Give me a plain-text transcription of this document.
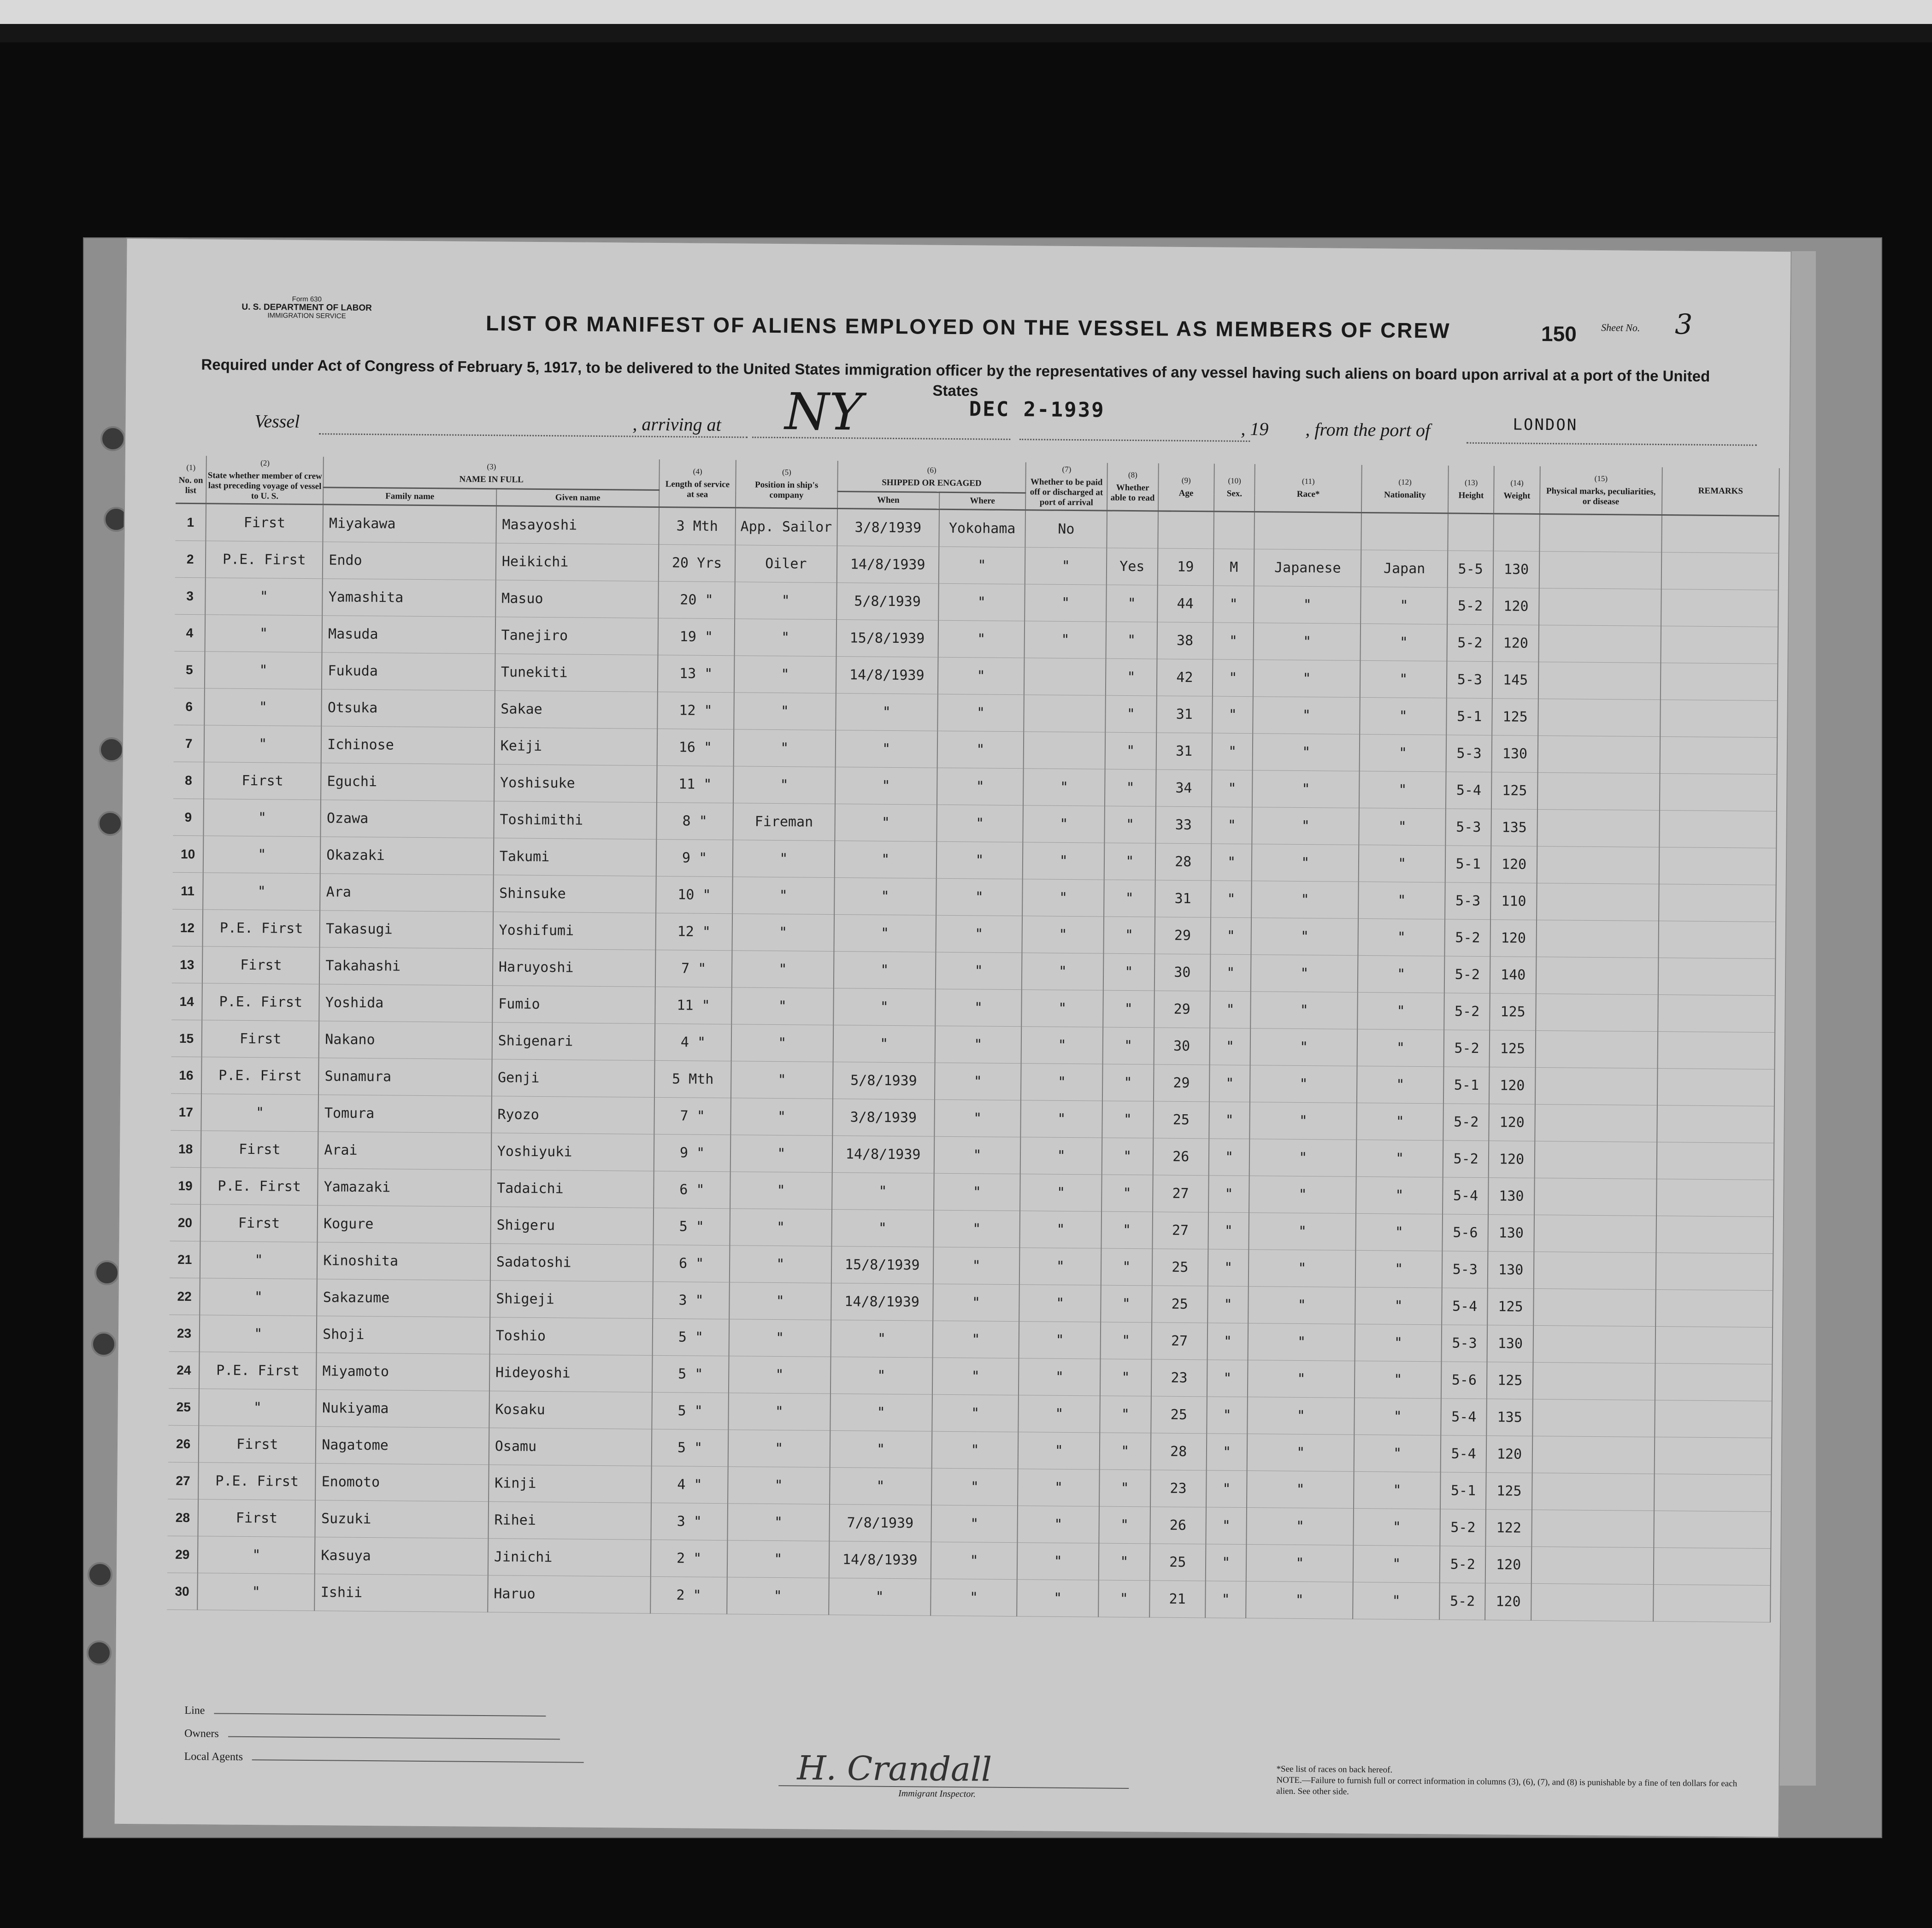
Form 630
U. S. DEPARTMENT OF LABOR
IMMIGRATION SERVICE	LIST OR MANIFEST OF ALIENS EMPLOYED ON THE VESSEL AS MEMBERS OF CREW	150 Sheet No. 3
Required under Act of Congress of February 5, 1917, to be delivered to the United States immigration officer by the representatives of any vessel having such aliens on board upon arrival at a port of the United States
Vessel	, arriving at NY	DEC 2-1939
, 19 , from the port of	LONDON
(1)
No. on list	(2)
State whether member of crew last preceding voyage of vessel to U. S.	(3)
NAME IN FULL		(4)
Length of service at sea	(5)
Position in ship's company	(6)
SHIPPED OR ENGAGED		(7)
Whether to be paid off or discharged at port of arrival	(8)
Whether able to read	(9)
Age	(10)
Sex.	(11)
Race*	(12)
Nationality	(13)
Height	(14)
Weight	(15)
Physical marks, peculiarities, or disease	REMARKS
		Family name	Given name			When	Where										
1	First	Miyakawa	Masayoshi	3 Mth	App. Sailor	3/8/1939	Yokohama	No									
2	P.E. First	Endo	Heikichi	20 Yrs	Oiler	14/8/1939	"	"	Yes	19	M	Japanese	Japan	5-5	130		
3	"	Yamashita	Masuo	20 "	"	5/8/1939	"	"	"	44	"	"	"	5-2	120		
4	"	Masuda	Tanejiro	19 "	"	15/8/1939	"	"	"	38	"	"	"	5-2	120		
5	"	Fukuda	Tunekiti	13 "	"	14/8/1939	"		"	42	"	"	"	5-3	145		
6	"	Otsuka	Sakae	12 "	"	"	"		"	31	"	"	"	5-1	125		
7	"	Ichinose	Keiji	16 "	"	"	"		"	31	"	"	"	5-3	130		
8	First	Eguchi	Yoshisuke	11 "	"	"	"	"	"	34	"	"	"	5-4	125		
9	"	Ozawa	Toshimithi	8 "	Fireman	"	"	"	"	33	"	"	"	5-3	135		
10	"	Okazaki	Takumi	9 "	"	"	"	"	"	28	"	"	"	5-1	120		
11	"	Ara	Shinsuke	10 "	"	"	"	"	"	31	"	"	"	5-3	110		
12	P.E. First	Takasugi	Yoshifumi	12 "	"	"	"	"	"	29	"	"	"	5-2	120		
13	First	Takahashi	Haruyoshi	7 "	"	"	"	"	"	30	"	"	"	5-2	140		
14	P.E. First	Yoshida	Fumio	11 "	"	"	"	"	"	29	"	"	"	5-2	125		
15	First	Nakano	Shigenari	4 "	"	"	"	"	"	30	"	"	"	5-2	125		
16	P.E. First	Sunamura	Genji	5 Mth	"	5/8/1939	"	"	"	29	"	"	"	5-1	120		
17	"	Tomura	Ryozo	7 "	"	3/8/1939	"	"	"	25	"	"	"	5-2	120		
18	First	Arai	Yoshiyuki	9 "	"	14/8/1939	"	"	"	26	"	"	"	5-2	120		
19	P.E. First	Yamazaki	Tadaichi	6 "	"	"	"	"	"	27	"	"	"	5-4	130		
20	First	Kogure	Shigeru	5 "	"	"	"	"	"	27	"	"	"	5-6	130		
21	"	Kinoshita	Sadatoshi	6 "	"	15/8/1939	"	"	"	25	"	"	"	5-3	130		
22	"	Sakazume	Shigeji	3 "	"	14/8/1939	"	"	"	25	"	"	"	5-4	125		
23	"	Shoji	Toshio	5 "	"	"	"	"	"	27	"	"	"	5-3	130		
24	P.E. First	Miyamoto	Hideyoshi	5 "	"	"	"	"	"	23	"	"	"	5-6	125		
25	"	Nukiyama	Kosaku	5 "	"	"	"	"	"	25	"	"	"	5-4	135		
26	First	Nagatome	Osamu	5 "	"	"	"	"	"	28	"	"	"	5-4	120		
27	P.E. First	Enomoto	Kinji	4 "	"	"	"	"	"	23	"	"	"	5-1	125		
28	First	Suzuki	Rihei	3 "	"	7/8/1939	"	"	"	26	"	"	"	5-2	122		
29	"	Kasuya	Jinichi	2 "	"	14/8/1939	"	"	"	25	"	"	"	5-2	120		
30	"	Ishii	Haruo	2 "	"	"	"	"	"	21	"	"	"	5-2	120		
Line
Owners
Local Agents	H. Crandall
Immigrant Inspector.
*See list of races on back hereof.
NOTE.—Failure to furnish full or correct information in columns (3), (6), (7), and (8) is punishable by a fine of ten dollars for each alien. See other side.
